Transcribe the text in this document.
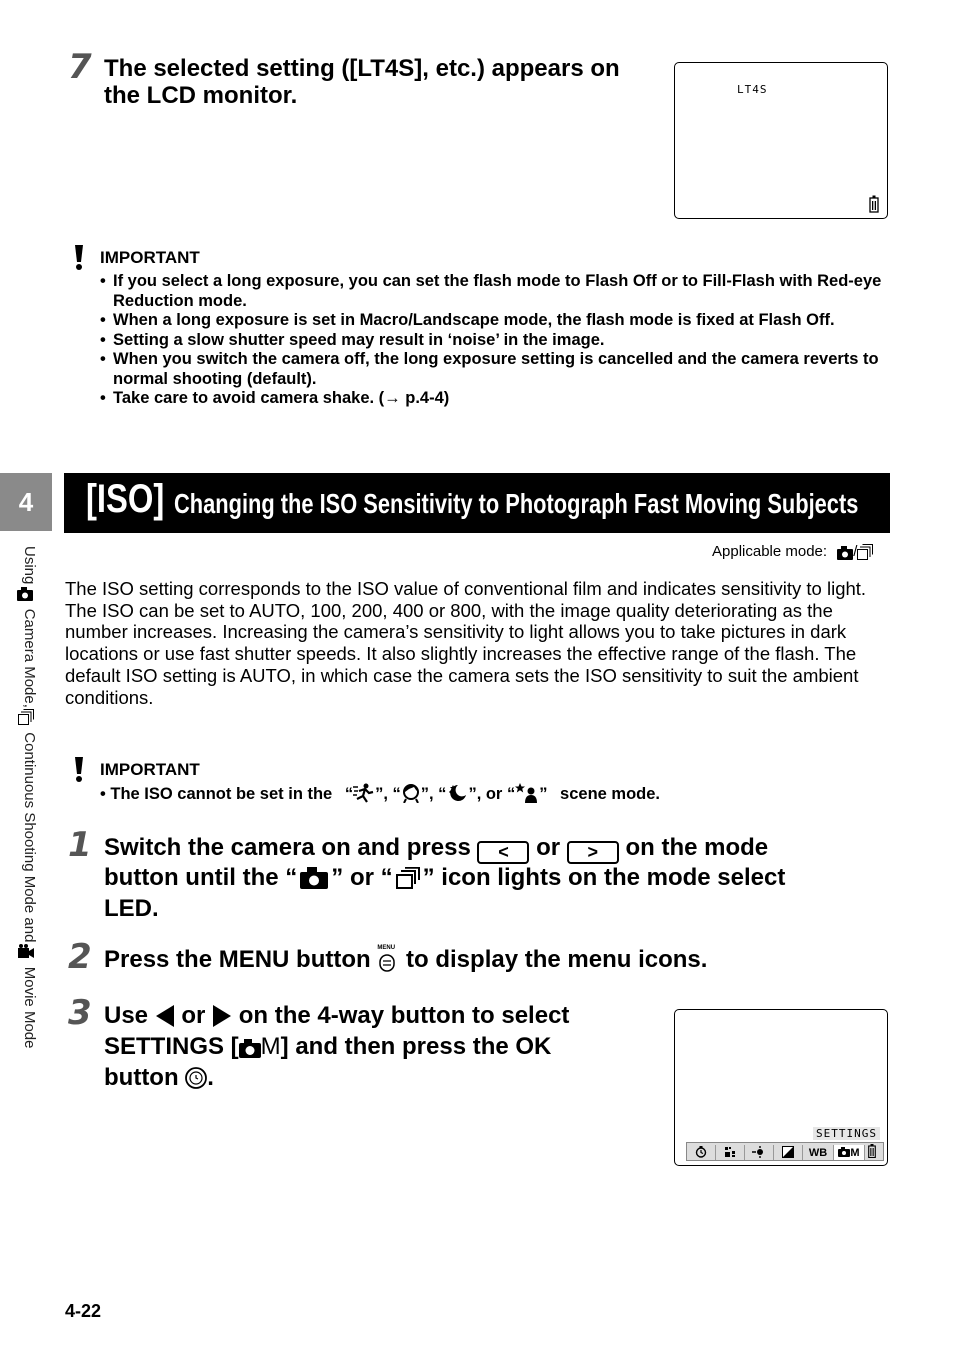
7 The selected setting ([LT4S], etc.) appears on
the LCD monitor.	LT4S
IMPORTANT
• If you select a long exposure, you can set the flash mode to Flash Off or to Fill-Flash with Red-eye Reduction mode.
• When a long exposure is set in Macro/Landscape mode, the flash mode is fixed at Flash Off.
• Setting a slow shutter speed may result in ‘noise’ in the image.
• When you switch the camera off, the long exposure setting is cancelled and the camera reverts to normal shooting (default).
• Take care to avoid camera shake. (→ p.4-4)
4
Using  Camera Mode,  Continuous Shooting Mode and  Movie Mode
[ISO] Changing the ISO Sensitivity to Photograph Fast Moving Subjects
Applicable mode: /
The ISO setting corresponds to the ISO value of conventional film and indicates sensitivity to light.
The ISO can be set to AUTO, 100, 200, 400 or 800, with the image quality deteriorating as the number increases. Increasing the camera’s sensitivity to light allows you to take pictures in dark locations or use fast shutter speeds. It also slightly increases the effective range of the flash. The default ISO setting is AUTO, in which case the camera sets the ISO sensitivity to suit the ambient conditions.
IMPORTANT
• The ISO cannot be set in the “ ”, “ ”, “ ”, or “ ” scene mode.
1 Switch the camera on and press < or > on the mode
button until the “ ” or “ ” icon lights on the mode select
LED.
2 Press the MENU button MENU to display the menu icons.
3 Use or on the 4-way button to select
SETTINGS [ M] and then press the OK
button .
SETTINGS
WB M
4-22
